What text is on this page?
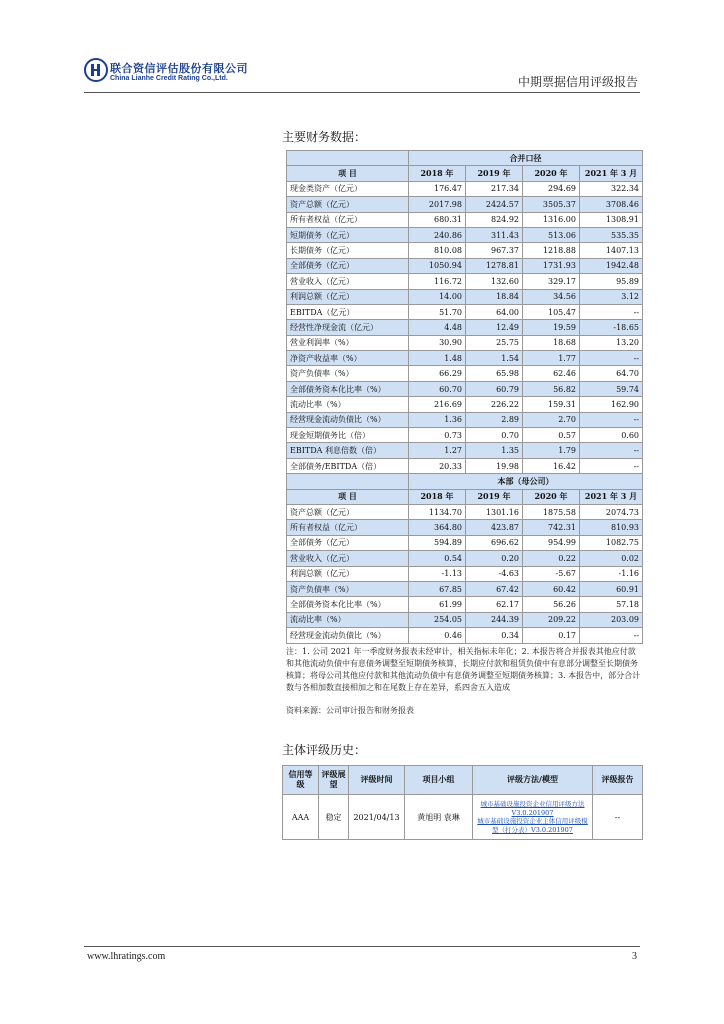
联合资信评估股份有限公司
China Lianhe Credit Rating Co.,Ltd.	中期票据信用评级报告
主要财务数据：
	合并口径			
项 目	2018 年	2019 年	2020 年	2021 年 3 月
现金类资产（亿元）	176.47	217.34	294.69	322.34
资产总额（亿元）	2017.98	2424.57	3505.37	3708.46
所有者权益（亿元）	680.31	824.92	1316.00	1308.91
短期债务（亿元）	240.86	311.43	513.06	535.35
长期债务（亿元）	810.08	967.37	1218.88	1407.13
全部债务（亿元）	1050.94	1278.81	1731.93	1942.48
营业收入（亿元）	116.72	132.60	329.17	95.89
利润总额（亿元）	14.00	18.84	34.56	3.12
EBITDA（亿元）	51.70	64.00	105.47	--
经营性净现金流（亿元）	4.48	12.49	19.59	-18.65
营业利润率（%）	30.90	25.75	18.68	13.20
净资产收益率（%）	1.48	1.54	1.77	--
资产负债率（%）	66.29	65.98	62.46	64.70
全部债务资本化比率（%）	60.70	60.79	56.82	59.74
流动比率（%）	216.69	226.22	159.31	162.90
经营现金流动负债比（%）	1.36	2.89	2.70	--
现金短期债务比（倍）	0.73	0.70	0.57	0.60
EBITDA 利息倍数（倍）	1.27	1.35	1.79	--
全部债务/EBITDA（倍）	20.33	19.98	16.42	--
	本部（母公司）			
项 目	2018 年	2019 年	2020 年	2021 年 3 月
资产总额（亿元）	1134.70	1301.16	1875.58	2074.73
所有者权益（亿元）	364.80	423.87	742.31	810.93
全部债务（亿元）	594.89	696.62	954.99	1082.75
营业收入（亿元）	0.54	0.20	0.22	0.02
利润总额（亿元）	-1.13	-4.63	-5.67	-1.16
资产负债率（%）	67.85	67.42	60.42	60.91
全部债务资本化比率（%）	61.99	62.17	56.26	57.18
流动比率（%）	254.05	244.39	209.22	203.09
经营现金流动负债比（%）	0.46	0.34	0.17	--
注：1. 公司 2021 年一季度财务报表未经审计，相关指标未年化；2. 本报告将合并报表其他应付款和其他流动负债中有息债务调整至短期债务核算，长期应付款和租赁负债中有息部分调整至长期债务核算；将母公司其他应付款和其他流动负债中有息债务调整至短期债务核算；3. 本报告中，部分合计数与各相加数直接相加之和在尾数上存在差异，系四舍五入造成
资料来源：公司审计报告和财务报表
主体评级历史：
信用等级	评级展望	评级时间	项目小组	评级方法/模型	评级报告
AAA	稳定	2021/04/13	黄旭明 袁琳	城市基础设施投资企业信用评级方法 V3.0.201907
城市基础设施投资企业主体信用评级模型（打分表）V3.0.201907	--
www.lhratings.com	3
